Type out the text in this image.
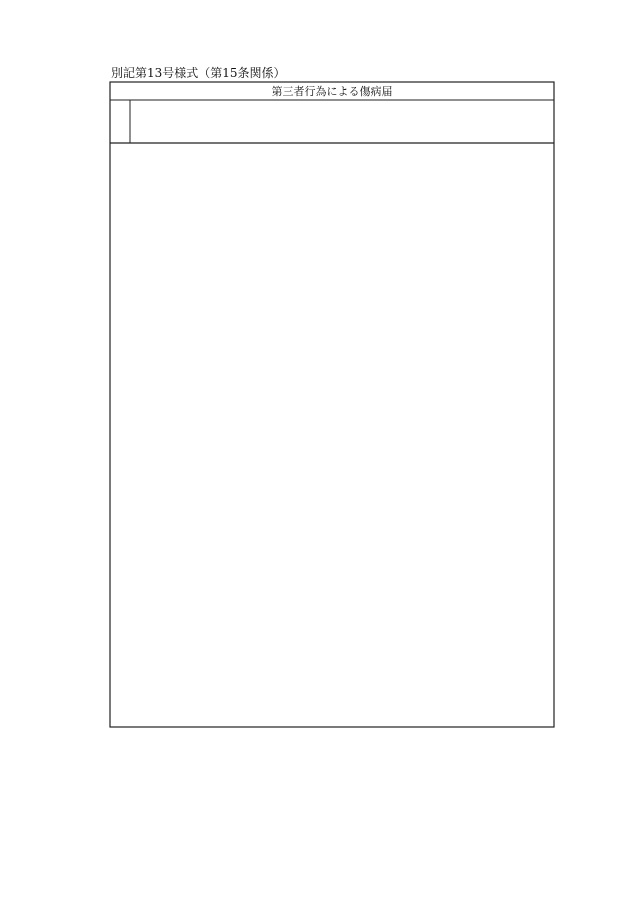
別記第13号様式（第15条関係）
第三者行為による傷病届
